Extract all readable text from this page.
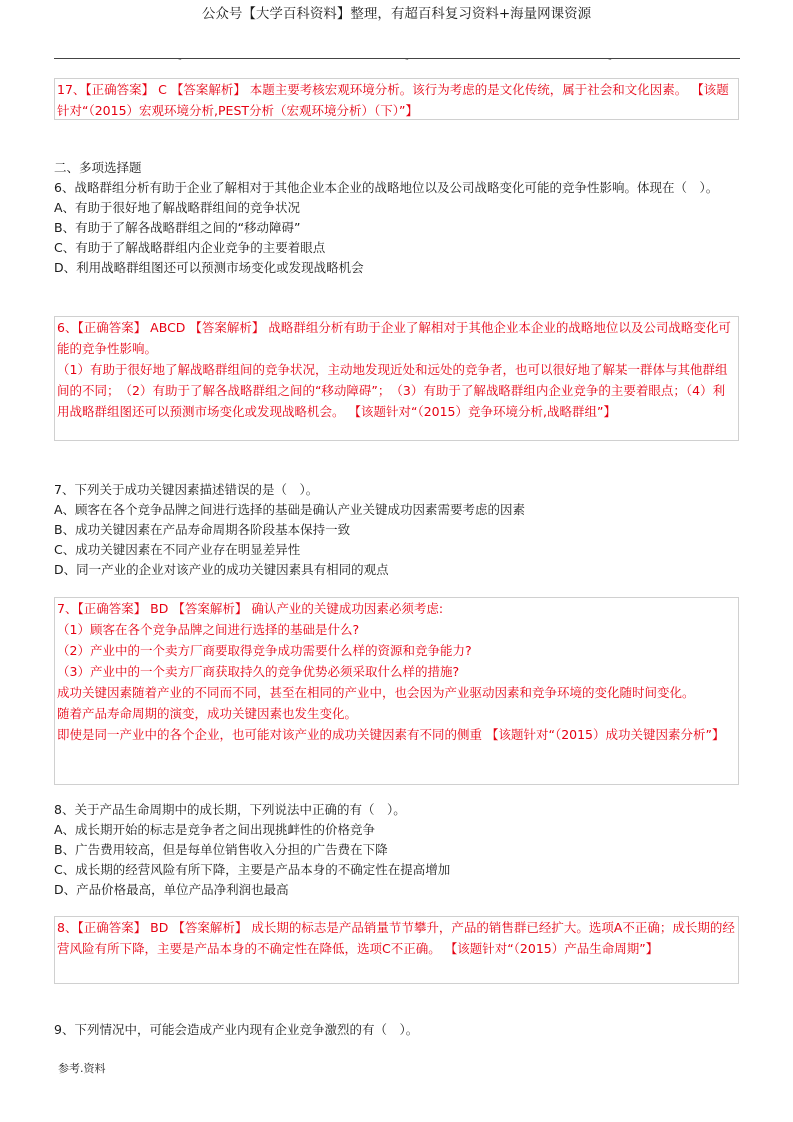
公众号【大学百科资料】整理，有超百科复习资料+海量网课资源
„	„	„
17、【正确答案】 C 【答案解析】 本题主要考核宏观环境分析。该行为考虑的是文化传统，属于社会和文化因素。 【该题针对“（2015）宏观环境分析,PEST分析（宏观环境分析）（下）”】
二、多项选择题
6、战略群组分析有助于企业了解相对于其他企业本企业的战略地位以及公司战略变化可能的竞争性影响。体现在（　）。
A、有助于很好地了解战略群组间的竞争状况
B、有助于了解各战略群组之间的“移动障碍”
C、有助于了解战略群组内企业竞争的主要着眼点
D、利用战略群组图还可以预测市场变化或发现战略机会
6、【正确答案】 ABCD 【答案解析】 战略群组分析有助于企业了解相对于其他企业本企业的战略地位以及公司战略变化可能的竞争性影响。
（1）有助于很好地了解战略群组间的竞争状况，主动地发现近处和远处的竞争者，也可以很好地了解某一群体与其他群组间的不同；　（2）有助于了解各战略群组之间的“移动障碍”；　（3）有助于了解战略群组内企业竞争的主要着眼点；（4）利用战略群组图还可以预测市场变化或发现战略机会。 【该题针对“（2015）竞争环境分析,战略群组”】
7、下列关于成功关键因素描述错误的是（　）。
A、顾客在各个竞争品牌之间进行选择的基础是确认产业关键成功因素需要考虑的因素
B、成功关键因素在产品寿命周期各阶段基本保持一致
C、成功关键因素在不同产业存在明显差异性
D、同一产业的企业对该产业的成功关键因素具有相同的观点
7、【正确答案】 BD 【答案解析】 确认产业的关键成功因素必须考虑:
（1）顾客在各个竞争品牌之间进行选择的基础是什么?
（2）产业中的一个卖方厂商要取得竞争成功需要什么样的资源和竞争能力?
（3）产业中的一个卖方厂商获取持久的竞争优势必须采取什么样的措施?
成功关键因素随着产业的不同而不同，甚至在相同的产业中，也会因为产业驱动因素和竞争环境的变化随时间变化。
随着产品寿命周期的演变，成功关键因素也发生变化。
即使是同一产业中的各个企业，也可能对该产业的成功关键因素有不同的侧重 【该题针对“（2015）成功关键因素分析”】
8、关于产品生命周期中的成长期，下列说法中正确的有（　）。
A、成长期开始的标志是竞争者之间出现挑衅性的价格竞争
B、广告费用较高，但是每单位销售收入分担的广告费在下降
C、成长期的经营风险有所下降，主要是产品本身的不确定性在提高增加
D、产品价格最高，单位产品净利润也最高
8、【正确答案】 BD 【答案解析】 成长期的标志是产品销量节节攀升，产品的销售群已经扩大。选项A不正确；成长期的经营风险有所下降，主要是产品本身的不确定性在降低，选项C不正确。 【该题针对“（2015）产品生命周期”】
9、下列情况中，可能会造成产业内现有企业竞争激烈的有（　）。
参考.资料
